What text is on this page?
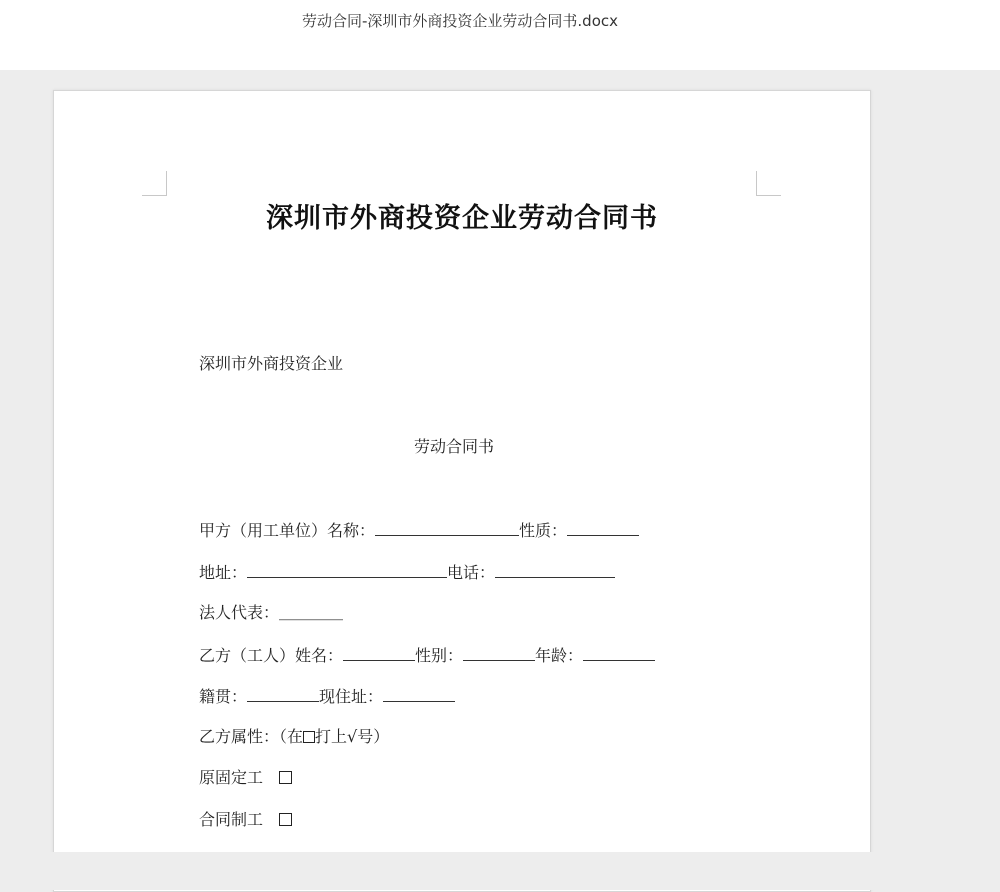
劳动合同-深圳市外商投资企业劳动合同书.docx
深圳市外商投资企业劳动合同书
深圳市外商投资企业
劳动合同书
甲方（用工单位）名称：	性质：
地址：	电话：
法人代表：＿＿＿＿
乙方（工人）姓名：	性别：	年龄：
籍贯：	现住址：
乙方属性：（在 打上√号）
原固定工
合同制工
